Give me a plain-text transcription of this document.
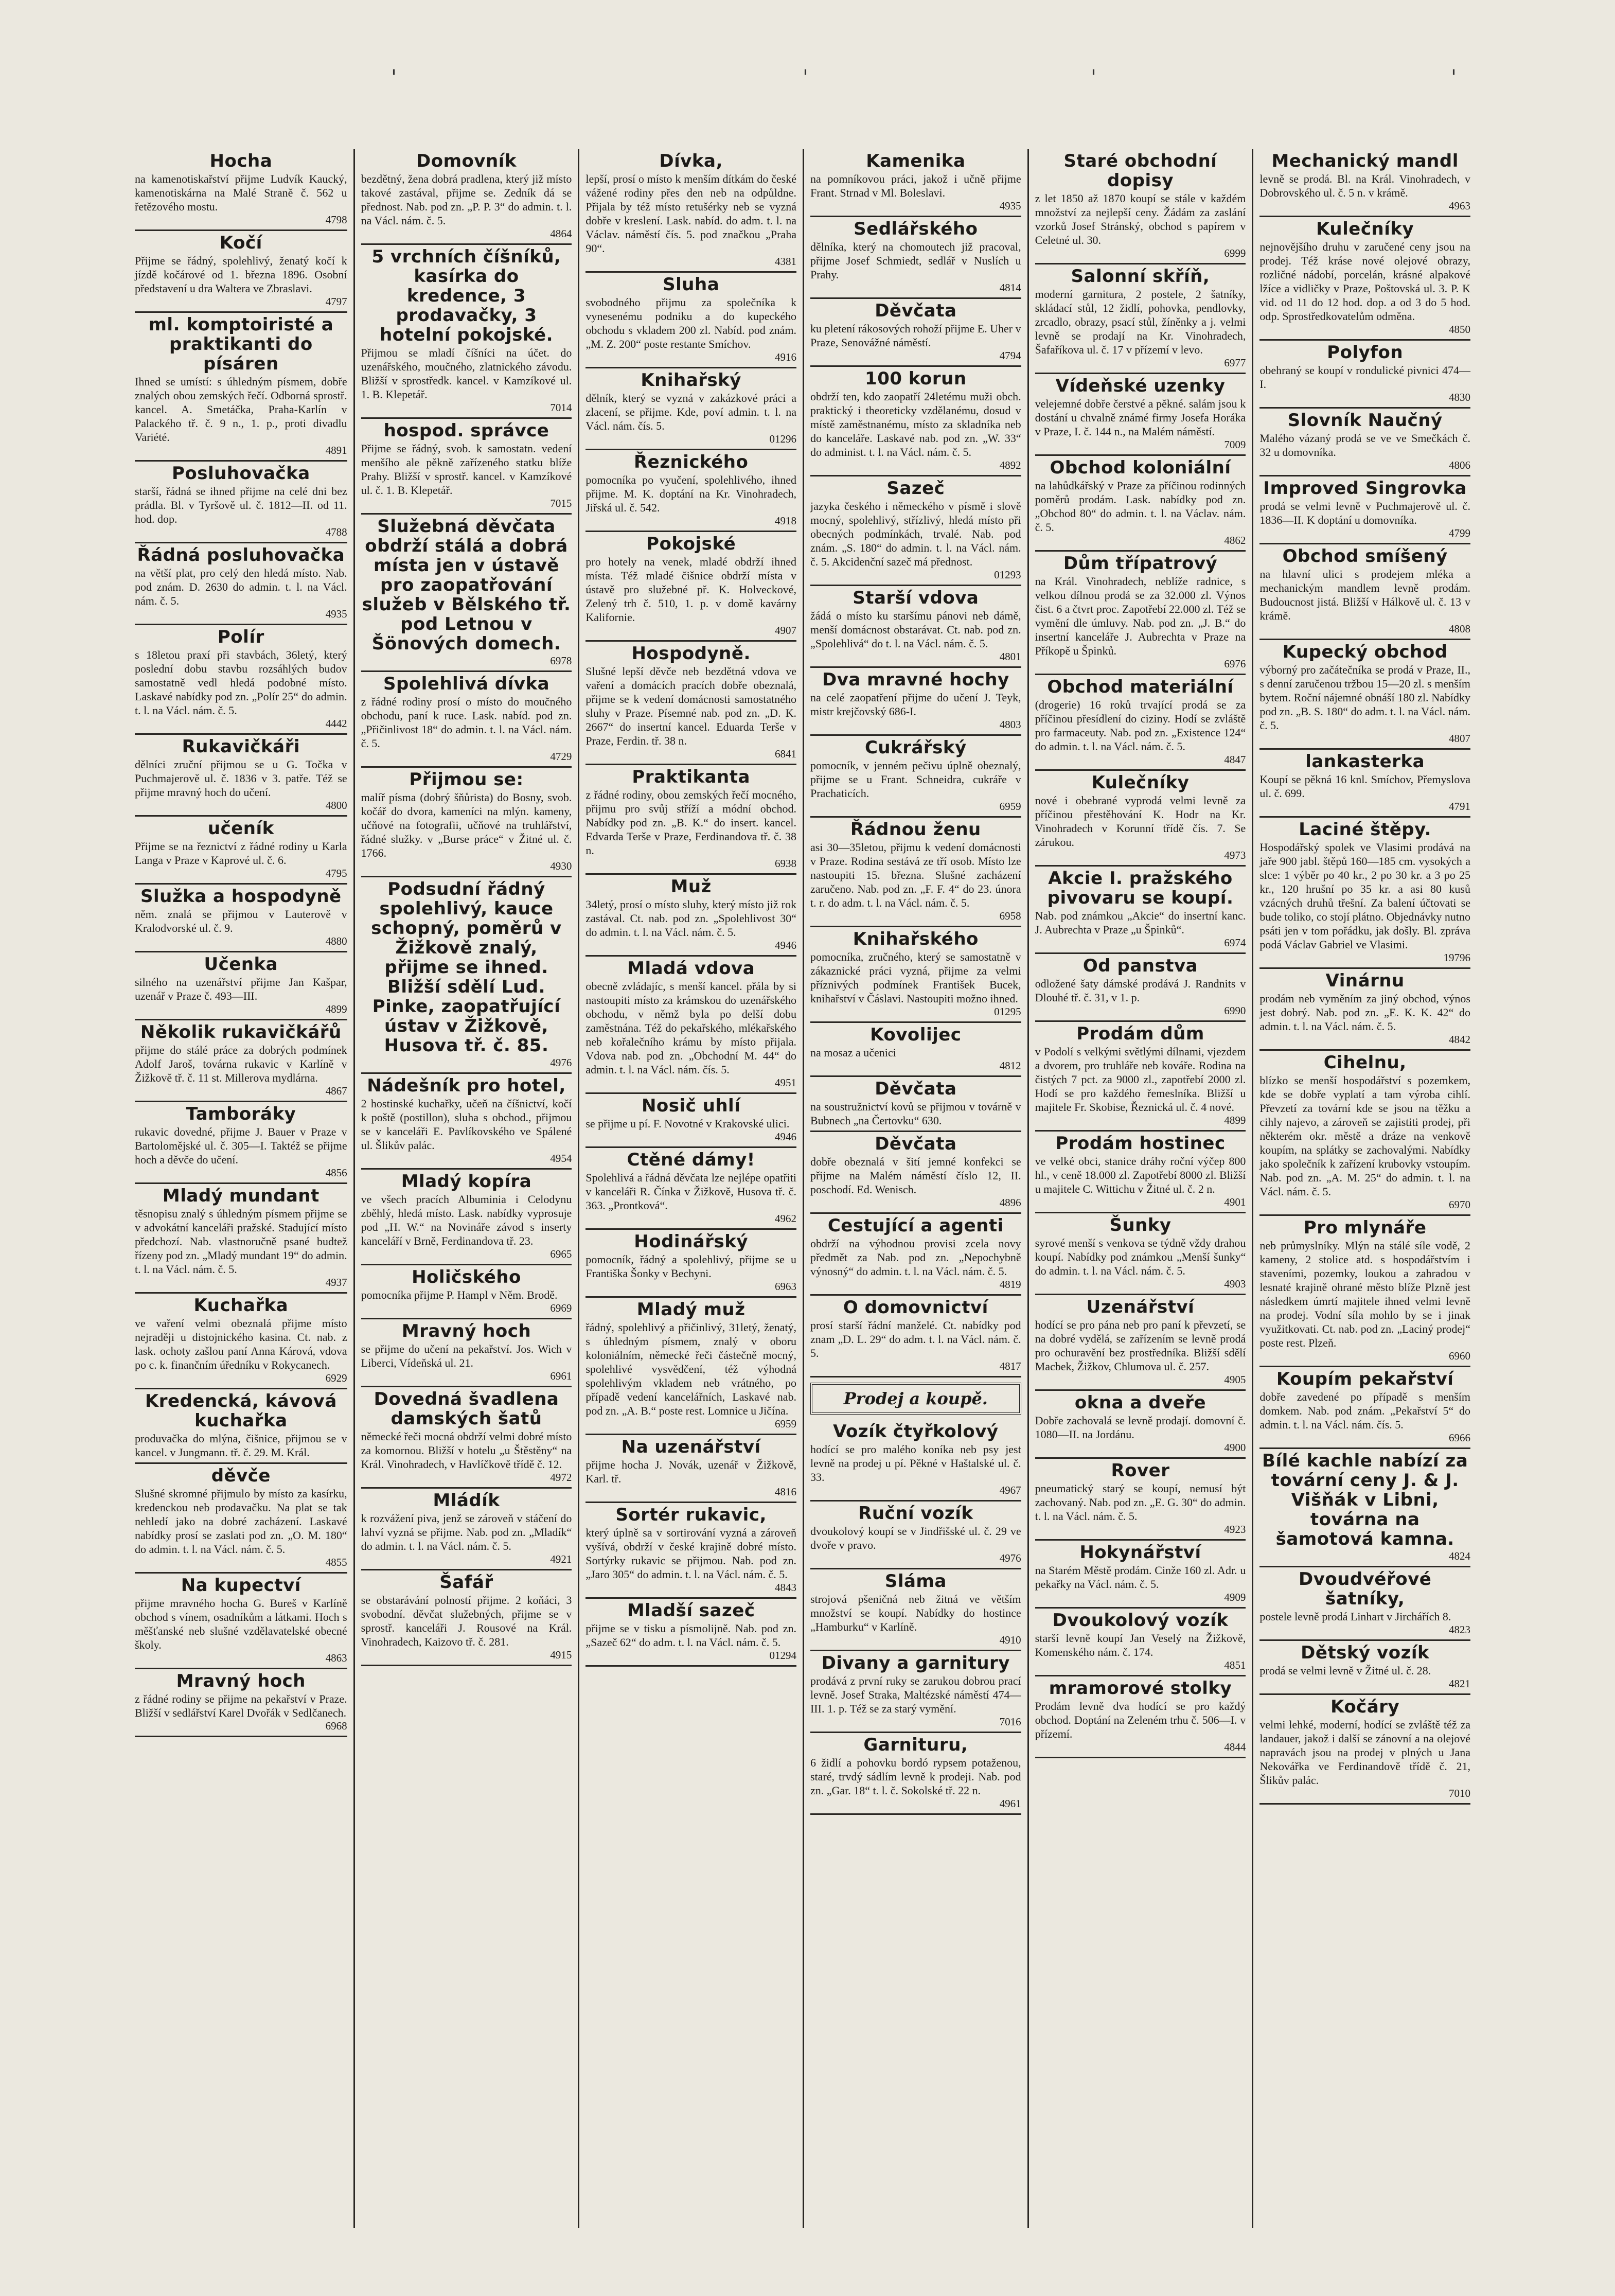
'	'	'	'
Hocha

na kamenotiskařství přijme Ludvík Kaucký, kamenotiskárna na Malé Straně č. 562 u řetězového mostu.

4798
Kočí

Přijme se řádný, spolehlivý, ženatý kočí k jízdě kočárové od 1. března 1896. Osobní představení u dra Waltera ve Zbraslavi.

4797
ml. komptoiristé a praktikanti do písáren

Ihned se umístí: s úhledným písmem, dobře znalých obou zemských řečí. Odborná sprostř. kancel. A. Smetáčka, Praha-Karlín v Palackého tř. č. 9 n., 1. p., proti divadlu Variété.

4891
Posluhovačka

starší, řádná se ihned přijme na celé dni bez prádla. Bl. v Tyršově ul. č. 1812—II. od 11. hod. dop.

4788
Řádná posluhovačka

na větší plat, pro celý den hledá místo. Nab. pod znám. D. 2630 do admin. t. l. na Václ. nám. č. 5.

4935
Polír

s 18letou praxí při stavbách, 36letý, který poslední dobu stavbu rozsáhlých budov samostatně vedl hledá podobné místo. Laskavé nabídky pod zn. „Polír 25“ do admin. t. l. na Václ. nám. č. 5.

4442
Rukavičkáři

dělníci zruční přijmou se u G. Točka v Puchmajerově ul. č. 1836 v 3. patře. Též se přijme mravný hoch do učení.

4800
učeník

Přijme se na řeznictví z řádné rodiny u Karla Langa v Praze v Kaprové ul. č. 6.

4795
Služka a hospodyně

něm. znalá se přijmou v Lauterově v Kralodvorské ul. č. 9.

4880
Učenka

silného na uzenářství přijme Jan Kašpar, uzenář v Praze č. 493—III.

4899
Několik rukavičkářů

přijme do stálé práce za dobrých podmínek Adolf Jaroš, továrna rukavic v Karlíně v Žižkově tř. č. 11 st. Millerova mydlárna.

4867
Tamboráky

rukavic dovedné, přijme J. Bauer v Praze v Bartolomějské ul. č. 305—I. Taktéž se přijme hoch a děvče do učení.

4856
Mladý mundant

těsnopisu znalý s úhledným písmem přijme se v advokátní kanceláři pražské. Stadující místo předchozí. Nab. vlastnoručně psané budtež řízeny pod zn. „Mladý mundant 19“ do admin. t. l. na Václ. nám. č. 5.

4937
Kuchařka

ve vaření velmi obeznalá přijme místo nejraději u distojnického kasina. Ct. nab. z lask. ochoty zašlou paní Anna Kárová, vdova po c. k. finančním úředníku v Rokycanech.

6929
Kredencká, kávová kuchařka

produvačka do mlýna, čišnice, přijmou se v kancel. v Jungmann. tř. č. 29. M. Král.

děvče

Slušné skromné přijmulo by místo za kasírku, kredenckou neb prodavačku. Na plat se tak nehledí jako na dobré zacházení. Laskavé nabídky prosí se zaslati pod zn. „O. M. 180“ do admin. t. l. na Václ. nám. č. 5.

4855
Na kupectví

přijme mravného hocha G. Bureš v Karlíně obchod s vínem, osadníkům a látkami. Hoch s měšťanské neb slušné vzdělavatelské obecné školy.

4863
Mravný hoch

z řádné rodiny se přijme na pekařství v Praze. Bližší v sedlářství Karel Dvořák v Sedlčanech.

6968
Domovník

bezdětný, žena dobrá pradlena, který již místo takové zastával, přijme se. Zedník dá se přednost. Nab. pod zn. „P. P. 3“ do admin. t. l. na Václ. nám. č. 5.

4864
5 vrchních číšníků, kasírka do kredence, 3 prodavačky, 3 hotelní pokojské.

Přijmou se mladí číšníci na účet. do uzenářského, moučného, zlatnického závodu. Bližší v sprostředk. kancel. v Kamzíkové ul. 1. B. Klepetář.

7014
hospod. správce

Přijme se řádný, svob. k samostatn. vedení menšího ale pěkně zařízeného statku blíže Prahy. Bližší v sprostř. kancel. v Kamzíkové ul. č. 1. B. Klepetář.

7015
Služebná děvčata obdrží stálá a dobrá místa jen v ústavě pro zaopatřování služeb v Bělského tř. pod Letnou v Šönových domech.
6978
Spolehlivá dívka

z řádné rodiny prosí o místo do moučného obchodu, paní k ruce. Lask. nabíd. pod zn. „Přičinlivost 18“ do admin. t. l. na Václ. nám. č. 5.

4729
Přijmou se:

malíř písma (dobrý šňůrista) do Bosny, svob. kočář do dvora, kameníci na mlýn. kameny, učňové na fotografii, učňové na truhlářství, řádné služky. v „Burse práce“ v Žitné ul. č. 1766.

4930
Podsudní řádný spolehlivý, kauce schopný, poměrů v Žižkově znalý, přijme se ihned. Bližší sdělí Lud. Pinke, zaopatřující ústav v Žižkově, Husova tř. č. 85.
4976
Nádešník pro hotel,

2 hostinské kuchařky, učeň na číšnictví, kočí k poště (postillon), sluha s obchod., přijmou se v kanceláři E. Pavlíkovského ve Spálené ul. Šlikův palác.

4954
Mladý kopíra

ve všech pracích Albuminia i Celodynu zběhlý, hledá místo. Lask. nabídky vyprosuje pod „H. W.“ na Novináře závod s inserty kanceláří v Brně, Ferdinandova tř. 23.

6965
Holičského

pomocníka přijme P. Hampl v Něm. Brodě.

6969
Mravný hoch

se přijme do učení na pekařství. Jos. Wich v Liberci, Vídeňská ul. 21.

6961
Dovedná švadlena damských šatů

německé řeči mocná obdrží velmi dobré místo za komornou. Bližší v hotelu „u Štěstěny“ na Král. Vinohradech, v Havlíčkově třídě č. 12.

4972
Mládík

k rozvážení piva, jenž se zároveň v stáčení do lahví vyzná se přijme. Nab. pod zn. „Mladík“ do admin. t. l. na Václ. nám. č. 5.

4921
Šafář

se obstarávání polností přijme. 2 koňáci, 3 svobodní. děvčat služebných, přijme se v sprostř. kanceláři J. Rousové na Král. Vinohradech, Kaizovo tř. č. 281.

4915
Dívka,

lepší, prosí o místo k menším dítkám do české vážené rodiny přes den neb na odpůldne. Přijala by též místo retušérky neb se vyzná dobře v kreslení. Lask. nabíd. do adm. t. l. na Václav. náměstí čís. 5. pod značkou „Praha 90“.

4381
Sluha

svobodného přijmu za společníka k vynesenému podniku a do kupeckého obchodu s vkladem 200 zl. Nabíd. pod znám. „M. Z. 200“ poste restante Smíchov.

4916
Knihařský

dělník, který se vyzná v zakázkové práci a zlacení, se přijme. Kde, poví admin. t. l. na Václ. nám. čís. 5.

01296
Řeznického

pomocníka po vyučení, spolehlivého, ihned přijme. M. K. doptání na Kr. Vinohradech, Jiřská ul. č. 542.

4918
Pokojské

pro hotely na venek, mladé obdrží ihned místa. Též mladé čišnice obdrží místa v ústavě pro služebné př. K. Holveckové, Zelený trh č. 510, 1. p. v domě kavárny Kalifornie.

4907
Hospodyně.

Slušné lepší děvče neb bezdětná vdova ve vaření a domácích pracích dobře obeznalá, přijme se k vedení domácnosti samostatného sluhy v Praze. Písemné nab. pod zn. „D. K. 2667“ do insertní kancel. Eduarda Terše v Praze, Ferdin. tř. 38 n.

6841
Praktikanta

z řádné rodiny, obou zemských řečí mocného, přijmu pro svůj stříží a módní obchod. Nabídky pod zn. „B. K.“ do insert. kancel. Edvarda Terše v Praze, Ferdinandova tř. č. 38 n.

6938
Muž

34letý, prosí o místo sluhy, který místo již rok zastával. Ct. nab. pod zn. „Spolehlivost 30“ do admin. t. l. na Václ. nám. č. 5.

4946
Mladá vdova

obecně zvládajíc, s menší kancel. přála by si nastoupiti místo za krámskou do uzenářského obchodu, v němž byla po delší dobu zaměstnána. Též do pekařského, mlékařského neb kořalečního krámu by místo přijala. Vdova nab. pod zn. „Obchodní M. 44“ do admin. t. l. na Václ. nám. čís. 5.

4951
Nosič uhlí

se přijme u pí. F. Novotné v Krakovské ulici.

4946
Ctěné dámy!

Spolehlivá a řádná děvčata lze nejlépe opatřiti v kanceláři R. Čínka v Žižkově, Husova tř. č. 363. „Prontková“.

4962
Hodinářský

pomocník, řádný a spolehlivý, přijme se u Františka Šonky v Bechyni.

6963
Mladý muž

řádný, spolehlivý a přičinlivý, 31letý, ženatý, s úhledným písmem, znalý v oboru koloniálním, německé řeči částečně mocný, spolehlivé vysvědčení, též výhodná spolehlivým vkladem neb vrátného, po případě vedení kancelářních, Laskavé nab. pod zn. „A. B.“ poste rest. Lomnice u Jičína.

6959
Na uzenářství

přijme hocha J. Novák, uzenář v Žižkově, Karl. tř.

4816
Sortér rukavic,

který úplně sa v sortirování vyzná a zároveň vyšívá, obdrží v české krajině dobré místo. Sortýrky rukavic se přijmou. Nab. pod zn. „Jaro 305“ do admin. t. l. na Václ. nám. č. 5.

4843
Mladší sazeč

přijme se v tisku a písmolijně. Nab. pod zn. „Sazeč 62“ do adm. t. l. na Václ. nám. č. 5.

01294
Kamenika

na pomníkovou práci, jakož i učně přijme Frant. Strnad v Ml. Boleslavi.

4935
Sedlářského

dělníka, který na chomoutech již pracoval, přijme Josef Schmiedt, sedlář v Nuslích u Prahy.

4814
Děvčata

ku pletení rákosových rohoží přijme E. Uher v Praze, Senovážné náměstí.

4794
100 korun

obdrží ten, kdo zaopatří 24letému muži obch. praktický i theoreticky vzdělanému, dosud v místě zaměstnanému, místo za skladníka neb do kanceláře. Laskavé nab. pod zn. „W. 33“ do administ. t. l. na Václ. nám. č. 5.

4892
Sazeč

jazyka českého i německého v písmě i slově mocný, spolehlivý, střízlivý, hledá místo při obecných podmínkách, trvalé. Nab. pod znám. „S. 180“ do admin. t. l. na Václ. nám. č. 5. Akcidenční sazeč má přednost.

01293
Starší vdova

žádá o místo ku staršímu pánovi neb dámě, menší domácnost obstarávat. Ct. nab. pod zn. „Spolehlivá“ do t. l. na Václ. nám. č. 5.

4801
Dva mravné hochy

na celé zaopatření přijme do učení J. Teyk, mistr krejčovský 686-I.

4803
Cukrářský

pomocník, v jenném pečivu úplně obeznalý, přijme se u Frant. Schneidra, cukráře v Prachaticích.

6959
Řádnou ženu

asi 30—35letou, přijmu k vedení domácnosti v Praze. Rodina sestává ze tří osob. Místo lze nastoupiti 15. března. Slušné zacházení zaručeno. Nab. pod zn. „F. F. 4“ do 23. února t. r. do adm. t. l. na Václ. nám. č. 5.

6958
Knihařského

pomocníka, zručného, který se samostatně v zákaznické práci vyzná, přijme za velmi příznivých podmínek František Bucek, knihařství v Čáslavi. Nastoupiti možno ihned.

01295
Kovolijec

na mosaz a učenici

4812
Děvčata

na soustružnictví kovů se přijmou v továrně v Bubnech „na Čertovku“ 630.

Děvčata

dobře obeznalá v šití jemné konfekci se přijme na Malém náměstí číslo 12, II. poschodí. Ed. Wenisch.

4896
Cestující a agenti

obdrží na výhodnou provisi zcela novy předmět za Nab. pod zn. „Nepochybně výnosný“ do admin. t. l. na Václ. nám. č. 5.

4819
O domovnictví

prosí starší řádní manželé. Ct. nabídky pod znam „D. L. 29“ do adm. t. l. na Václ. nám. č. 5.

4817
Prodej a koupě.
Vozík čtyřkolový

hodící se pro malého koníka neb psy jest levně na prodej u pí. Pěkné v Haštalské ul. č. 33.

4967
Ruční vozík

dvoukolový koupí se v Jindřišské ul. č. 29 ve dvoře v pravo.

4976
Sláma

strojová pšeničná neb žitná ve větším množství se koupí. Nabídky do hostince „Hamburku“ v Karlíně.

4910
Divany a garnitury

prodává z první ruky se zarukou dobrou prací levně. Josef Straka, Maltézské náměstí 474—III. 1. p. Též se za starý vymění.

7016
Garnituru,

6 židlí a pohovku bordó rypsem potaženou, staré, trvdý sádlím levně k prodeji. Nab. pod zn. „Gar. 18“ t. l. č. Sokolské tř. 22 n.

4961
Staré obchodní dopisy

z let 1850 až 1870 koupí se stále v každém množství za nejlepší ceny. Žádám za zaslání vzorků Josef Stránský, obchod s papírem v Celetné ul. 30.

6999
Salonní skříň,

moderní garnitura, 2 postele, 2 šatníky, skládací stůl, 12 židlí, pohovka, pendlovky, zrcadlo, obrazy, psací stůl, žíněnky a j. velmi levně se prodají na Kr. Vinohradech, Šafaříkova ul. č. 17 v přízemí v levo.

6977
Vídeňské uzenky

velejemné dobře čerstvé a pěkné. salám jsou k dostání u chvalně známé firmy Josefa Horáka v Praze, I. č. 144 n., na Malém náměstí.

7009
Obchod koloniální

na lahůdkářský v Praze za příčinou rodinných poměrů prodám. Lask. nabídky pod zn. „Obchod 80“ do admin. t. l. na Václav. nám. č. 5.

4862
Dům třípatrový

na Král. Vinohradech, neblíže radnice, s velkou dílnou prodá se za 32.000 zl. Výnos čist. 6 a čtvrt proc. Zapotřebí 22.000 zl. Též se vymění dle úmluvy. Nab. pod zn. „J. B.“ do insertní kanceláře J. Aubrechta v Praze na Příkopě u Špinků.

6976
Obchod materiální

(drogerie) 16 roků trvající prodá se za příčinou přesídlení do ciziny. Hodí se zvláště pro farmaceuty. Nab. pod zn. „Existence 124“ do admin. t. l. na Václ. nám. č. 5.

4847
Kulečníky

nové i obebrané vyprodá velmi levně za příčinou přestěhování K. Hodr na Kr. Vinohradech v Korunní třídě čís. 7. Se zárukou.

4973
Akcie I. pražského pivovaru se koupí.

Nab. pod známkou „Akcie“ do insertní kanc. J. Aubrechta v Praze „u Špinků“.

6974
Od panstva

odložené šaty dámské prodává J. Randnits v Dlouhé tř. č. 31, v 1. p.

6990
Prodám dům

v Podolí s velkými světlými dílnami, vjezdem a dvorem, pro truhláře neb kováře. Rodina na čistých 7 pct. za 9000 zl., zapotřebí 2000 zl. Hodí se pro každého řemeslníka. Bližší u majitele Fr. Skobise, Řeznická ul. č. 4 nové.

4899
Prodám hostinec

ve velké obci, stanice dráhy roční výčep 800 hl., v ceně 18.000 zl. Zapotřebí 8000 zl. Bližší u majitele C. Wittichu v Žitné ul. č. 2 n.

4901
Šunky

syrové menší s venkova se týdně vždy drahou koupí. Nabídky pod známkou „Menší šunky“ do admin. t. l. na Václ. nám. č. 5.

4903
Uzenářství

hodící se pro pána neb pro paní k převzetí, se na dobré vydělá, se zařízením se levně prodá pro ochuravění bez prostředníka. Bližší sdělí Macbek, Žižkov, Chlumova ul. č. 257.

4905
okna a dveře

Dobře zachovalá se levně prodají. domovní č. 1080—II. na Jordánu.

4900
Rover

pneumatický starý se koupí, nemusí být zachovaný. Nab. pod zn. „E. G. 30“ do admin. t. l. na Václ. nám. č. 5.

4923
Hokynářství

na Starém Městě prodám. Cinže 160 zl. Adr. u pekařky na Václ. nám. č. 5.

4909
Dvoukolový vozík

starší levně koupí Jan Veselý na Žižkově, Komenského nám. č. 174.

4851
mramorové stolky

Prodám levně dva hodící se pro každý obchod. Doptání na Zeleném trhu č. 506—I. v přízemí.

4844
Mechanický mandl

levně se prodá. Bl. na Král. Vinohradech, v Dobrovského ul. č. 5 n. v krámě.

4963
Kulečníky

nejnovějšího druhu v zaručené ceny jsou na prodej. Též kráse nové olejové obrazy, rozličné nádobí, porcelán, krásné alpakové lžíce a vidličky v Praze, Poštovská ul. 3. P. K vid. od 11 do 12 hod. dop. a od 3 do 5 hod. odp. Sprostředkovatelům odměna.

4850
Polyfon

obehraný se koupí v rondulické pivnici 474—I.

4830
Slovník Naučný

Malého vázaný prodá se ve ve Smečkách č. 32 u domovníka.

4806
Improved Singrovka

prodá se velmi levně v Puchmajerově ul. č. 1836—II. K doptání u domovníka.

4799
Obchod smíšený

na hlavní ulici s prodejem mléka a mechanickým mandlem levně prodám. Budoucnost jistá. Bližší v Hálkově ul. č. 13 v krámě.

4808
Kupecký obchod

výborný pro začátečníka se prodá v Praze, II., s denní zaručenou tržbou 15—20 zl. s menším bytem. Roční nájemné obnáší 180 zl. Nabídky pod zn. „B. S. 180“ do adm. t. l. na Václ. nám. č. 5.

4807
lankasterka

Koupí se pěkná 16 knl. Smíchov, Přemyslova ul. č. 699.

4791
Laciné štěpy.

Hospodářský spolek ve Vlasimi prodává na jaře 900 jabl. štěpů 160—185 cm. vysokých a slce: 1 výběr po 40 kr., 2 po 30 kr. a 3 po 25 kr., 120 hrušní po 35 kr. a asi 80 kusů vzácných druhů třešní. Za balení účtovati se bude toliko, co stojí plátno. Objednávky nutno psáti jen v tom pořádku, jak došly. Bl. zpráva podá Václav Gabriel ve Vlasimi.

19796
Vinárnu

prodám neb vyměním za jiný obchod, výnos jest dobrý. Nab. pod zn. „E. K. K. 42“ do admin. t. l. na Václ. nám. č. 5.

4842
Cihelnu,

blízko se menší hospodářství s pozemkem, kde se dobře vyplatí a tam výroba cihlí. Převzetí za tovární kde se jsou na těžku a cihly najevo, a zároveň se zajistiti prodej, při některém okr. městě a dráze na venkově koupím, na splátky se zachovalými. Nabídky jako společník k zařízení krubovky vstoupím. Nab. pod zn. „A. M. 25“ do admin. t. l. na Václ. nám. č. 5.

6970
Pro mlynáře

neb průmyslníky. Mlýn na stálé síle vodě, 2 kameny, 2 stolice atd. s hospodářstvím i staveními, pozemky, loukou a zahradou v lesnaté krajině ohrané město blíže Plzně jest následkem úmrtí majitele ihned velmi levně na prodej. Vodní síla mohlo by se i jinak využitkovati. Ct. nab. pod zn. „Laciný prodej“ poste rest. Plzeň.

6960
Koupím pekařství

dobře zavedené po případě s menším domkem. Nab. pod znám. „Pekařství 5“ do admin. t. l. na Václ. nám. čís. 5.

6966
Bílé kachle nabízí za tovární ceny J. & J. Višňák v Libni, továrna na šamotová kamna.
4824
Dvoudvéřové šatníky,

postele levně prodá Linhart v Jirchářích 8.

4823
Dětský vozík

prodá se velmi levně v Žitné ul. č. 28.

4821
Kočáry

velmi lehké, moderní, hodící se zvláště též za landauer, jakož i další se zánovní a na olejové napravách jsou na prodej v plných u Jana Nekovářka ve Ferdinandově třídě č. 21, Šlikův palác.

7010
